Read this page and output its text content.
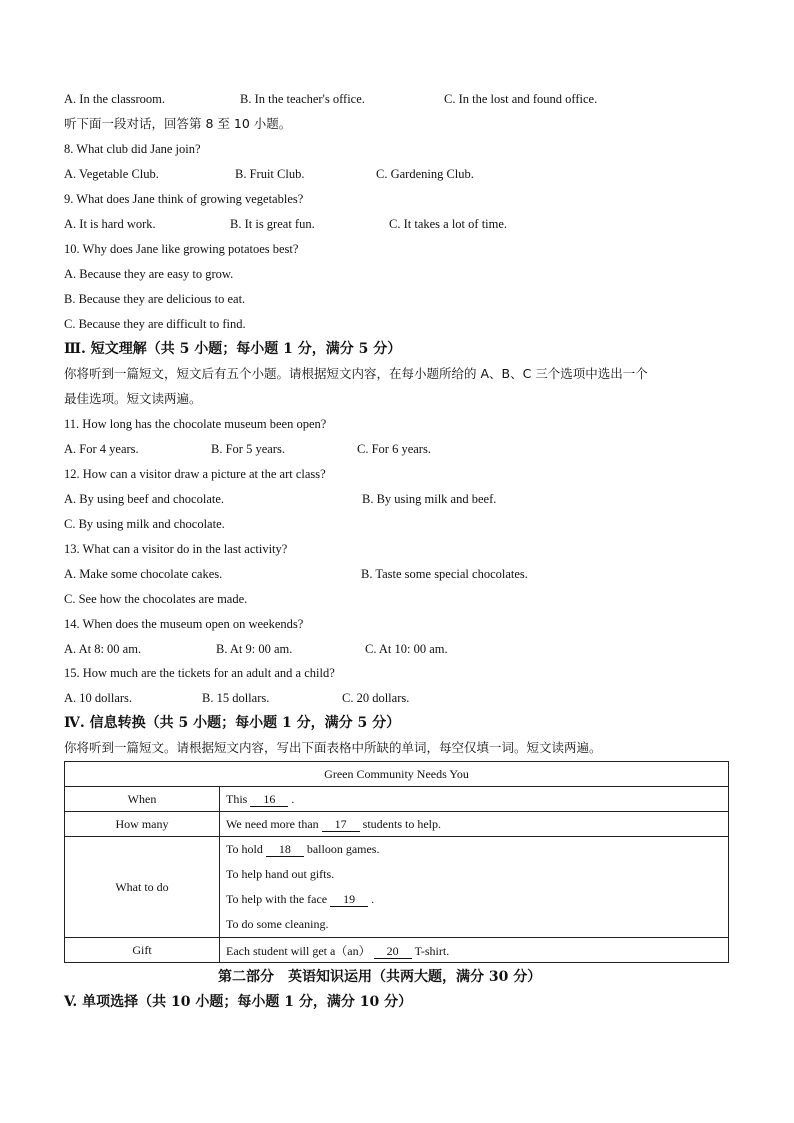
A. In the classroom.	B. In the teacher's office.	C. In the lost and found office.
听下面一段对话，回答第 8 至 10 小题。
8. What club did Jane join?
A. Vegetable Club.	B. Fruit Club.	C. Gardening Club.
9. What does Jane think of growing vegetables?
A. It is hard work.	B. It is great fun.	C. It takes a lot of time.
10. Why does Jane like growing potatoes best?
A. Because they are easy to grow.
B. Because they are delicious to eat.
C. Because they are difficult to find.
Ⅲ. 短文理解（共 5 小题；每小题 1 分，满分 5 分）
你将听到一篇短文，短文后有五个小题。请根据短文内容，在每小题所给的 A、B、C 三个选项中选出一个
最佳选项。短文读两遍。
11. How long has the chocolate museum been open?
A. For 4 years.	B. For 5 years.	C. For 6 years.
12. How can a visitor draw a picture at the art class?
A. By using beef and chocolate.	B. By using milk and beef.
C. By using milk and chocolate.
13. What can a visitor do in the last activity?
A. Make some chocolate cakes.	B. Taste some special chocolates.
C. See how the chocolates are made.
14. When does the museum open on weekends?
A. At 8: 00 am.	B. At 9: 00 am.	C. At 10: 00 am.
15. How much are the tickets for an adult and a child?
A. 10 dollars.	B. 15 dollars.	C. 20 dollars.
Ⅳ. 信息转换（共 5 小题；每小题 1 分，满分 5 分）
你将听到一篇短文。请根据短文内容，写出下面表格中所缺的单词，每空仅填一词。短文读两遍。
Green Community Needs You	
When	This 16 .
How many	We need more than 17 students to help.
What to do	To hold 18 balloon games.
To help hand out gifts.
To help with the face 19 .
To do some cleaning.

Gift	Each student will get a（an） 20 T-shirt.
第二部分　英语知识运用（共两大题，满分 30 分）
V. 单项选择（共 10 小题；每小题 1 分，满分 10 分）
